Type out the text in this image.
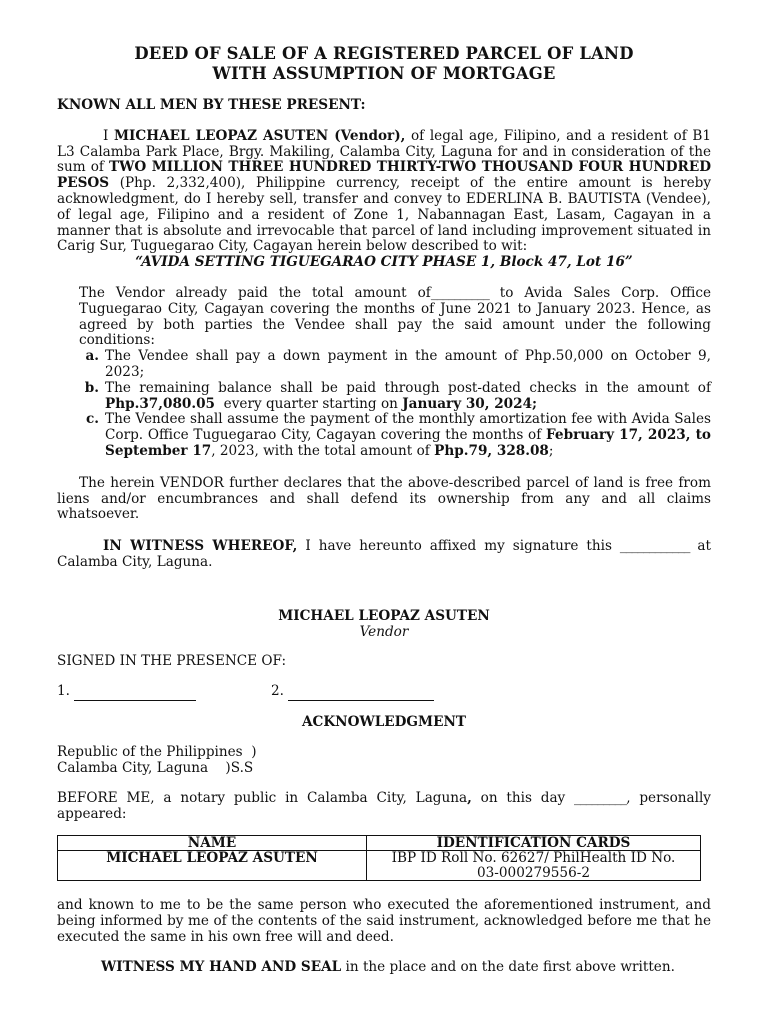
DEED OF SALE OF A REGISTERED PARCEL OF LAND
WITH ASSUMPTION OF MORTGAGE

KNOWN ALL MEN BY THESE PRESENT:

I MICHAEL LEOPAZ ASUTEN (Vendor), of legal age, Filipino, and a resident of B1 L3 Calamba Park Place, Brgy. Makiling, Calamba City, Laguna for and in consideration of the sum of TWO MILLION THREE HUNDRED THIRTY-TWO THOUSAND FOUR HUNDRED PESOS (Php. 2,332,400), Philippine currency, receipt of the entire amount is hereby acknowledgment, do I hereby sell, transfer and convey to EDERLINA B. BAUTISTA (Vendee), of legal age, Filipino and a resident of Zone 1, Nabannagan East, Lasam, Cagayan in a manner that is absolute and irrevocable that parcel of land including improvement situated in Carig Sur, Tuguegarao City, Cagayan herein below described to wit:

“AVIDA SETTING TIGUEGARAO CITY PHASE 1, Block 47, Lot 16”

The Vendor already paid the total amount of__________ to Avida Sales Corp. Office Tuguegarao City, Cagayan covering the months of June 2021 to January 2023. Hence, as agreed by both parties the Vendee shall pay the said amount under the following conditions:

a. The Vendee shall pay a down payment in the amount of Php.50,000 on October 9, 2023;
b. The remaining balance shall be paid through post-dated checks in the amount of Php.37,080.05  every quarter starting on January 30, 2024;
c. The Vendee shall assume the payment of the monthly amortization fee with Avida Sales Corp. Office Tuguegarao City, Cagayan covering the months of February 17, 2023, to September 17, 2023, with the total amount of Php.79, 328.08;

The herein VENDOR further declares that the above-described parcel of land is free from liens and/or encumbrances and shall defend its ownership from any and all claims whatsoever.

IN WITNESS WHEREOF, I have hereunto affixed my signature this ____________ at Calamba City, Laguna.

MICHAEL LEOPAZ ASUTEN
Vendor

SIGNED IN THE PRESENCE OF:

1.	2.

ACKNOWLEDGMENT

Republic of the Philippines  )
Calamba City, Laguna    )S.S

BEFORE ME, a notary public in Calamba City, Laguna, on this day _________, personally appeared:

NAME	IDENTIFICATION CARDS
MICHAEL LEOPAZ ASUTEN	IBP ID Roll No. 62627/ PhilHealth ID No.
03-000279556-2

and known to me to be the same person who executed the aforementioned instrument, and being informed by me of the contents of the said instrument, acknowledged before me that he executed the same in his own free will and deed.

WITNESS MY HAND AND SEAL in the place and on the date first above written.
